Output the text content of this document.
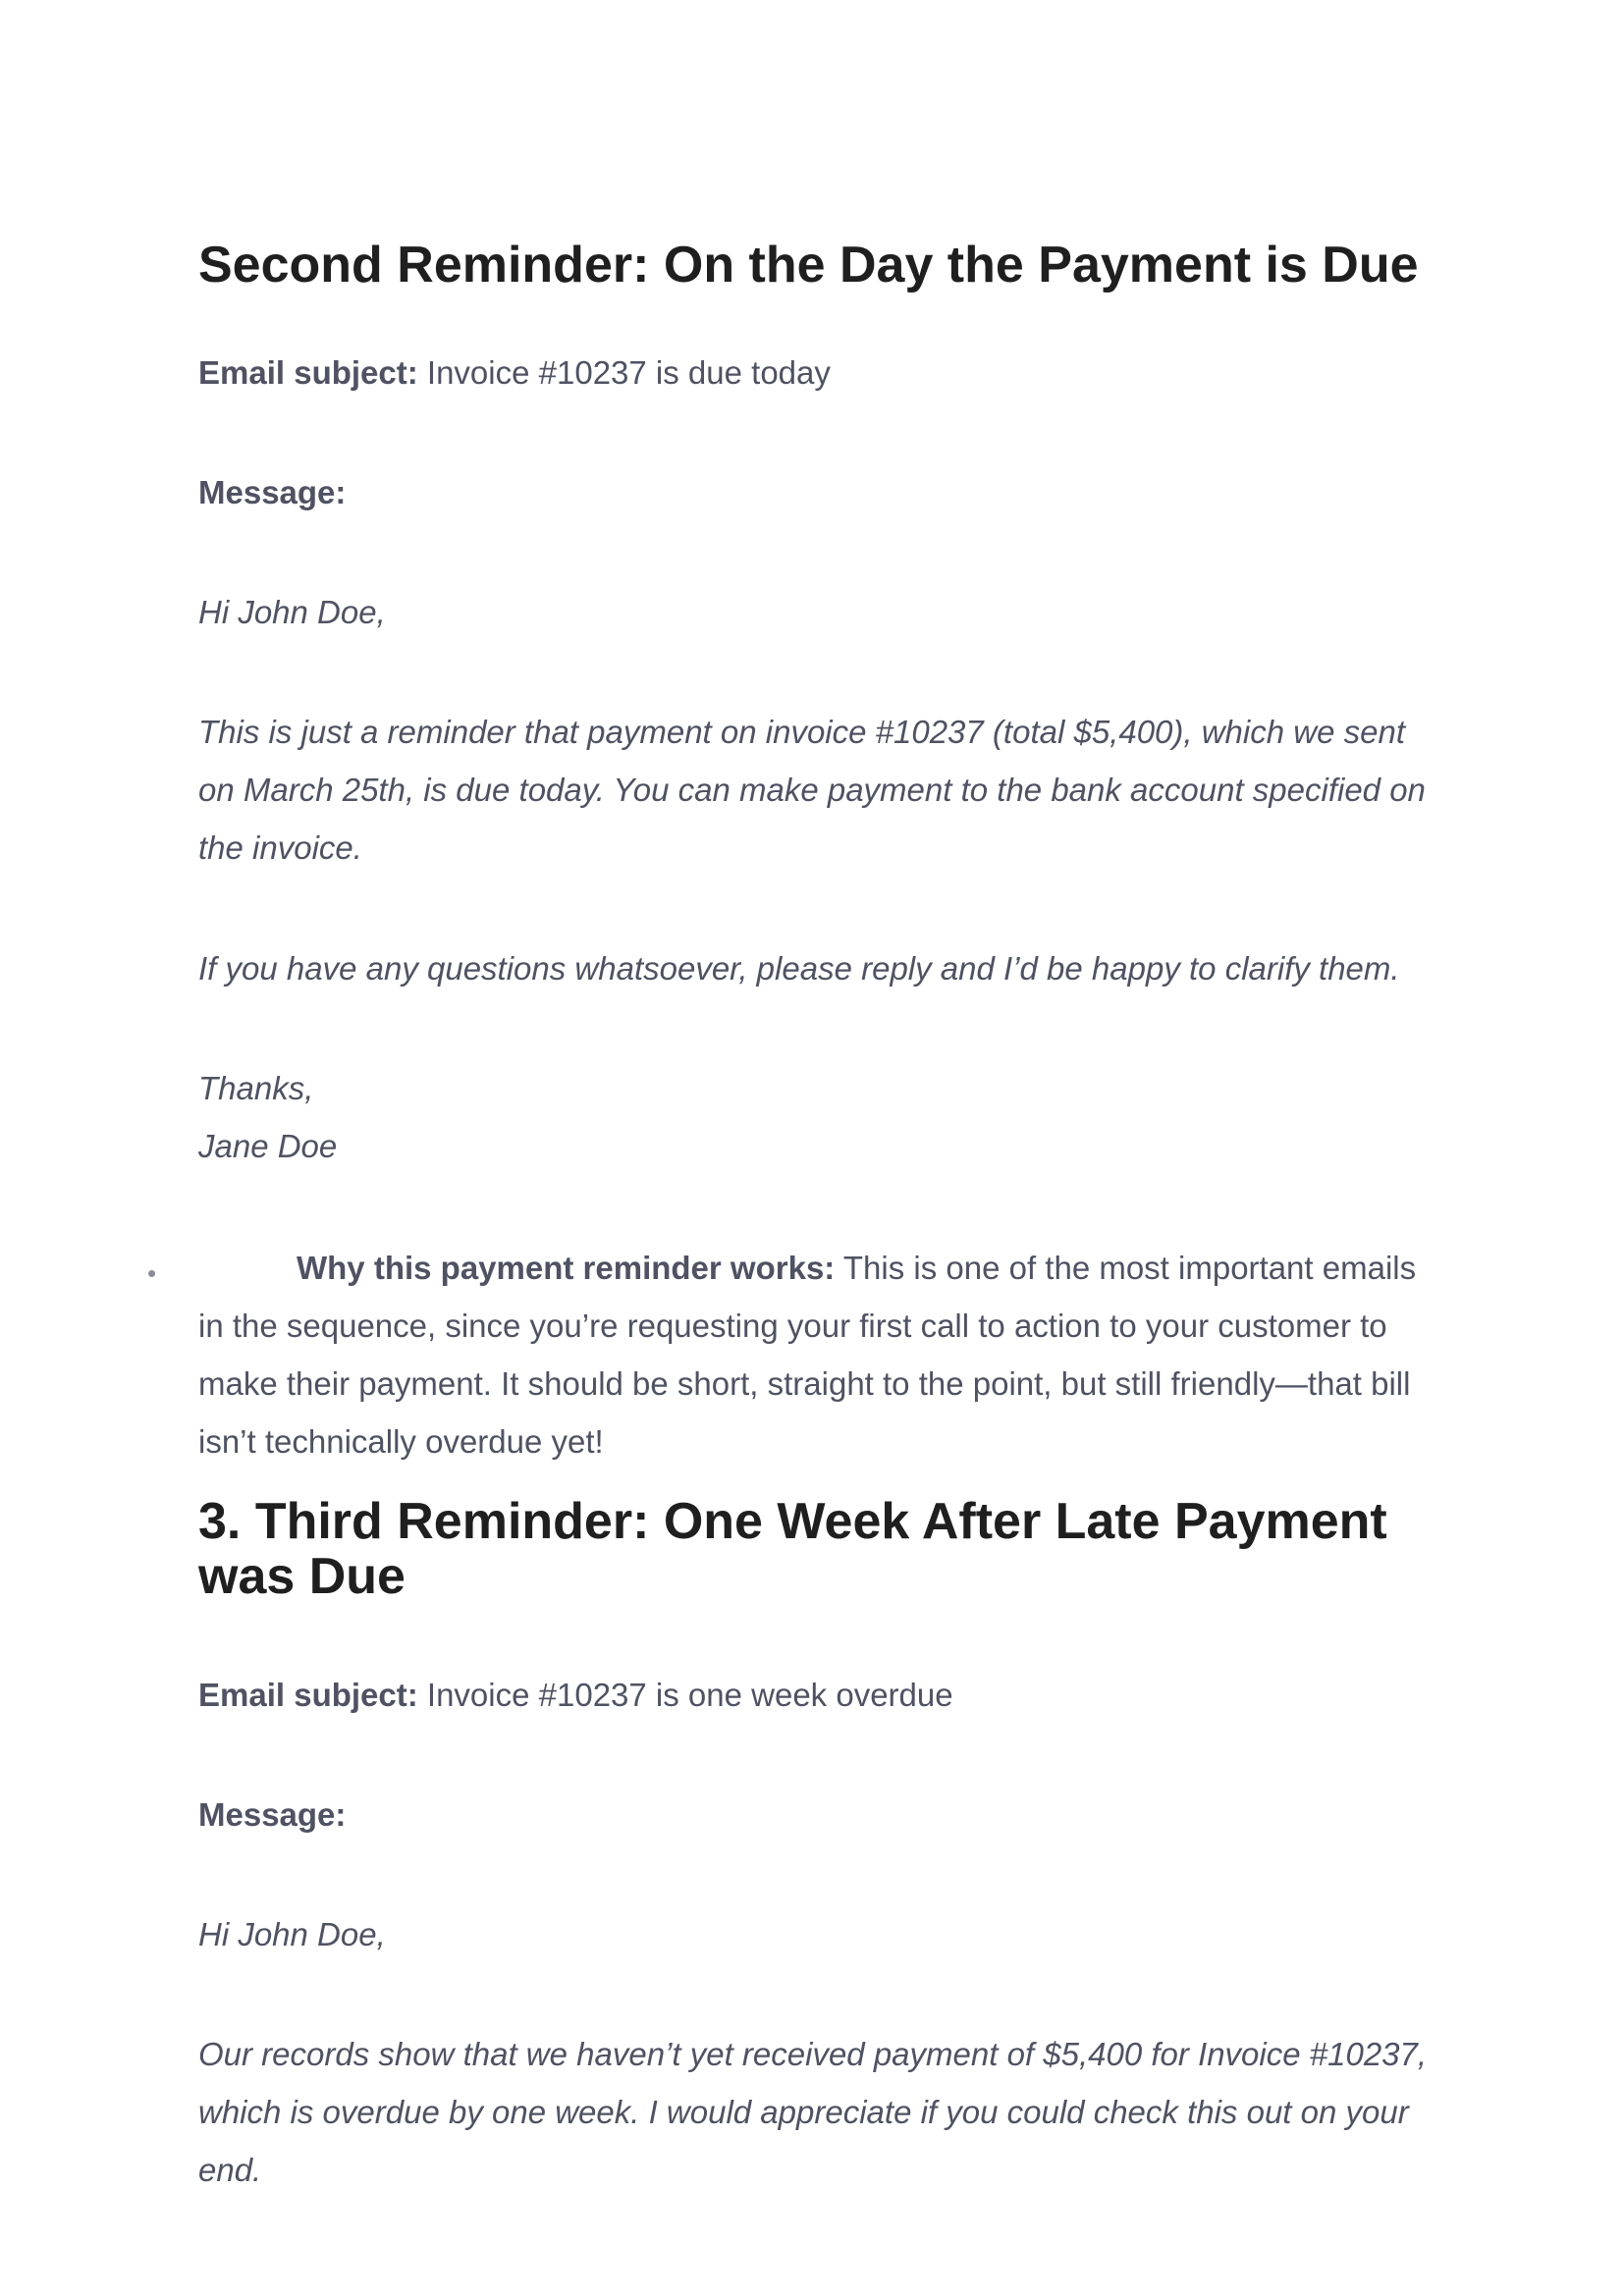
Second Reminder: On the Day the Payment is Due

Email subject: Invoice #10237 is due today

Message:

Hi John Doe,

This is just a reminder that payment on invoice #10237 (total $5,400), which we sent on March 25th, is due today. You can make payment to the bank account specified on the invoice.

If you have any questions whatsoever, please reply and I’d be happy to clarify them.

Thanks,

Jane Doe

•	Why this payment reminder works: This is one of the most important emails in the sequence, since you’re requesting your first call to action to your customer to make their payment. It should be short, straight to the point, but still friendly—that bill isn’t technically overdue yet!

3. Third Reminder: One Week After Late Payment was Due

Email subject: Invoice #10237 is one week overdue

Message:

Hi John Doe,

Our records show that we haven’t yet received payment of $5,400 for Invoice #10237, which is overdue by one week. I would appreciate if you could check this out on your end.
